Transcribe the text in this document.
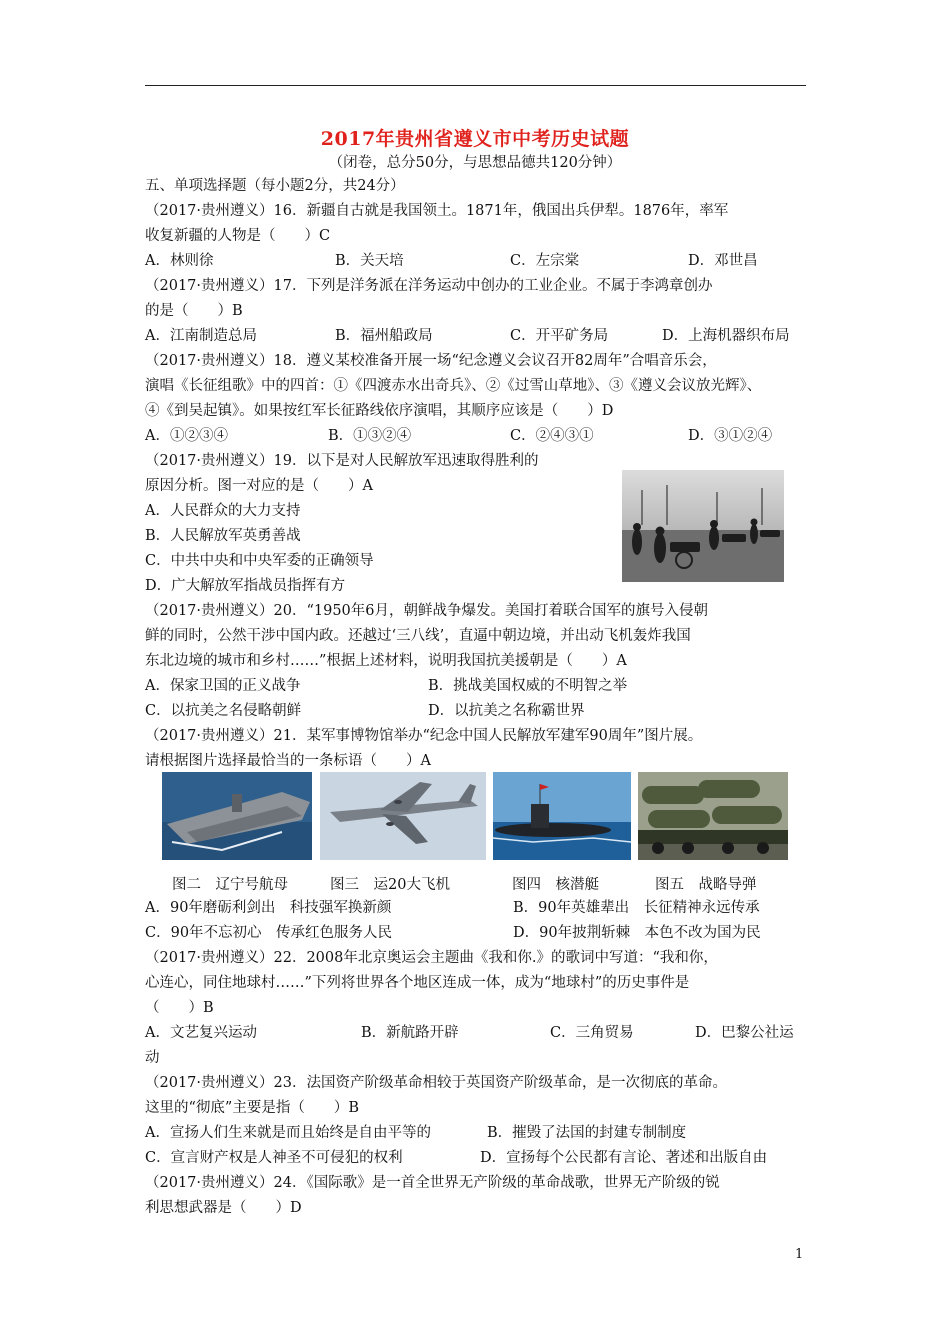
2017年贵州省遵义市中考历史试题
（闭卷，总分50分，与思想品德共120分钟）
五、单项选择题（每小题2分，共24分）
（2017·贵州遵义）16．新疆自古就是我国领土。1871年，俄国出兵伊犁。1876年，率军
收复新疆的人物是（　　）C
A．林则徐	B．关天培	C．左宗棠	D．邓世昌
（2017·贵州遵义）17．下列是洋务派在洋务运动中创办的工业企业。不属于李鸿章创办
的是（　　）B
A．江南制造总局	B．福州船政局	C．开平矿务局	D．上海机器织布局
（2017·贵州遵义）18．遵义某校准备开展一场“纪念遵义会议召开82周年”合唱音乐会，
演唱《长征组歌》中的四首：①《四渡赤水出奇兵》、②《过雪山草地》、③《遵义会议放光辉》、
④《到吴起镇》。如果按红军长征路线依序演唱，其顺序应该是（　　）D
A．①②③④	B．①③②④	C．②④③①	D．③①②④
（2017·贵州遵义）19．以下是对人民解放军迅速取得胜利的
原因分析。图一对应的是（　　）A
A．人民群众的大力支持
B．人民解放军英勇善战
C．中共中央和中央军委的正确领导
D．广大解放军指战员指挥有方
（2017·贵州遵义）20．“1950年6月，朝鲜战争爆发。美国打着联合国军的旗号入侵朝
鲜的同时，公然干涉中国内政。还越过‘三八线’，直逼中朝边境，并出动飞机轰炸我国
东北边境的城市和乡村……”根据上述材料，说明我国抗美援朝是（　　）A
A．保家卫国的正义战争	B．挑战美国权威的不明智之举
C．以抗美之名侵略朝鲜	D．以抗美之名称霸世界
（2017·贵州遵义）21．某军事博物馆举办“纪念中国人民解放军建军90周年”图片展。
请根据图片选择最恰当的一条标语（　　）A
图二　辽宁号航母	图三　运20大飞机	图四　核潜艇	图五　战略导弹
A．90年磨砺利剑出　科技强军换新颜	B．90年英雄辈出　长征精神永远传承
C．90年不忘初心　传承红色服务人民	D．90年披荆斩棘　本色不改为国为民
（2017·贵州遵义）22．2008年北京奥运会主题曲《我和你.》的歌词中写道：“我和你，
心连心，同住地球村……”下列将世界各个地区连成一体，成为“地球村”的历史事件是
（　　）B
A．文艺复兴运动	B．新航路开辟	C．三角贸易	D．巴黎公社运
动
（2017·贵州遵义）23．法国资产阶级革命相较于英国资产阶级革命，是一次彻底的革命。
这里的“彻底”主要是指（　　）B
A．宣扬人们生来就是而且始终是自由平等的	B．摧毁了法国的封建专制制度
C．宣言财产权是人神圣不可侵犯的权利	D．宣扬每个公民都有言论、著述和出版自由
（2017·贵州遵义）24．《国际歌》是一首全世界无产阶级的革命战歌，世界无产阶级的锐
利思想武器是（　　）D
1
